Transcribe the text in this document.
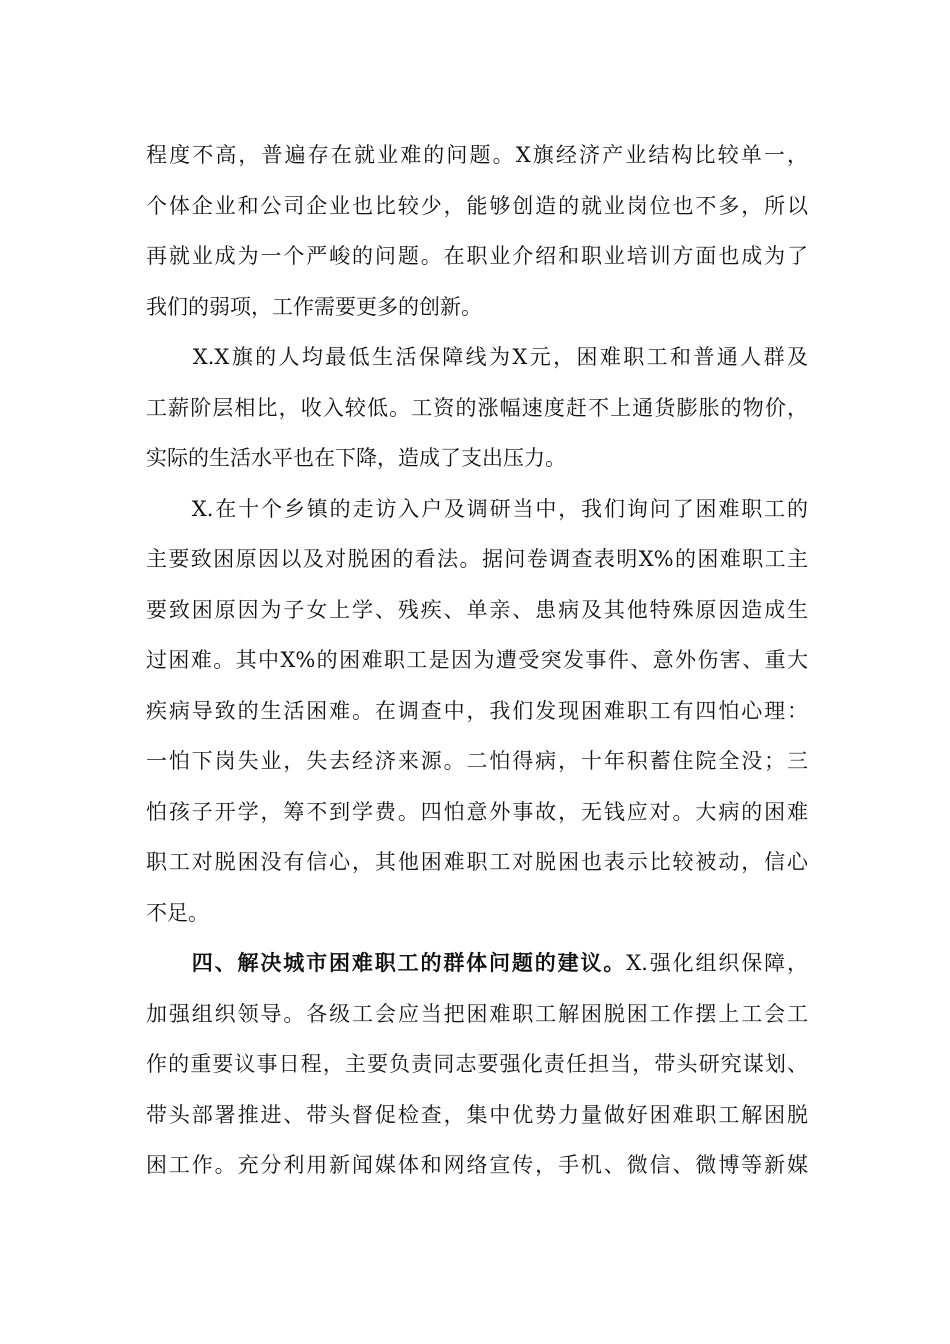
程度不高，普遍存在就业难的问题。X旗经济产业结构比较单一，
个体企业和公司企业也比较少，能够创造的就业岗位也不多，所以
再就业成为一个严峻的问题。在职业介绍和职业培训方面也成为了
我们的弱项，工作需要更多的创新。
　　X.X旗的人均最低生活保障线为X元，困难职工和普通人群及
工薪阶层相比，收入较低。工资的涨幅速度赶不上通货膨胀的物价，
实际的生活水平也在下降，造成了支出压力。
　　X.在十个乡镇的走访入户及调研当中，我们询问了困难职工的
主要致困原因以及对脱困的看法。据问卷调查表明X%的困难职工主
要致困原因为子女上学、残疾、单亲、患病及其他特殊原因造成生
过困难。其中X%的困难职工是因为遭受突发事件、意外伤害、重大
疾病导致的生活困难。在调查中，我们发现困难职工有四怕心理：
一怕下岗失业，失去经济来源。二怕得病，十年积蓄住院全没；三
怕孩子开学，筹不到学费。四怕意外事故，无钱应对。大病的困难
职工对脱困没有信心，其他困难职工对脱困也表示比较被动，信心
不足。
　　四、解决城市困难职工的群体问题的建议。X.强化组织保障，
加强组织领导。各级工会应当把困难职工解困脱困工作摆上工会工
作的重要议事日程，主要负责同志要强化责任担当，带头研究谋划、
带头部署推进、带头督促检查，集中优势力量做好困难职工解困脱
困工作。充分利用新闻媒体和网络宣传，手机、微信、微博等新媒
